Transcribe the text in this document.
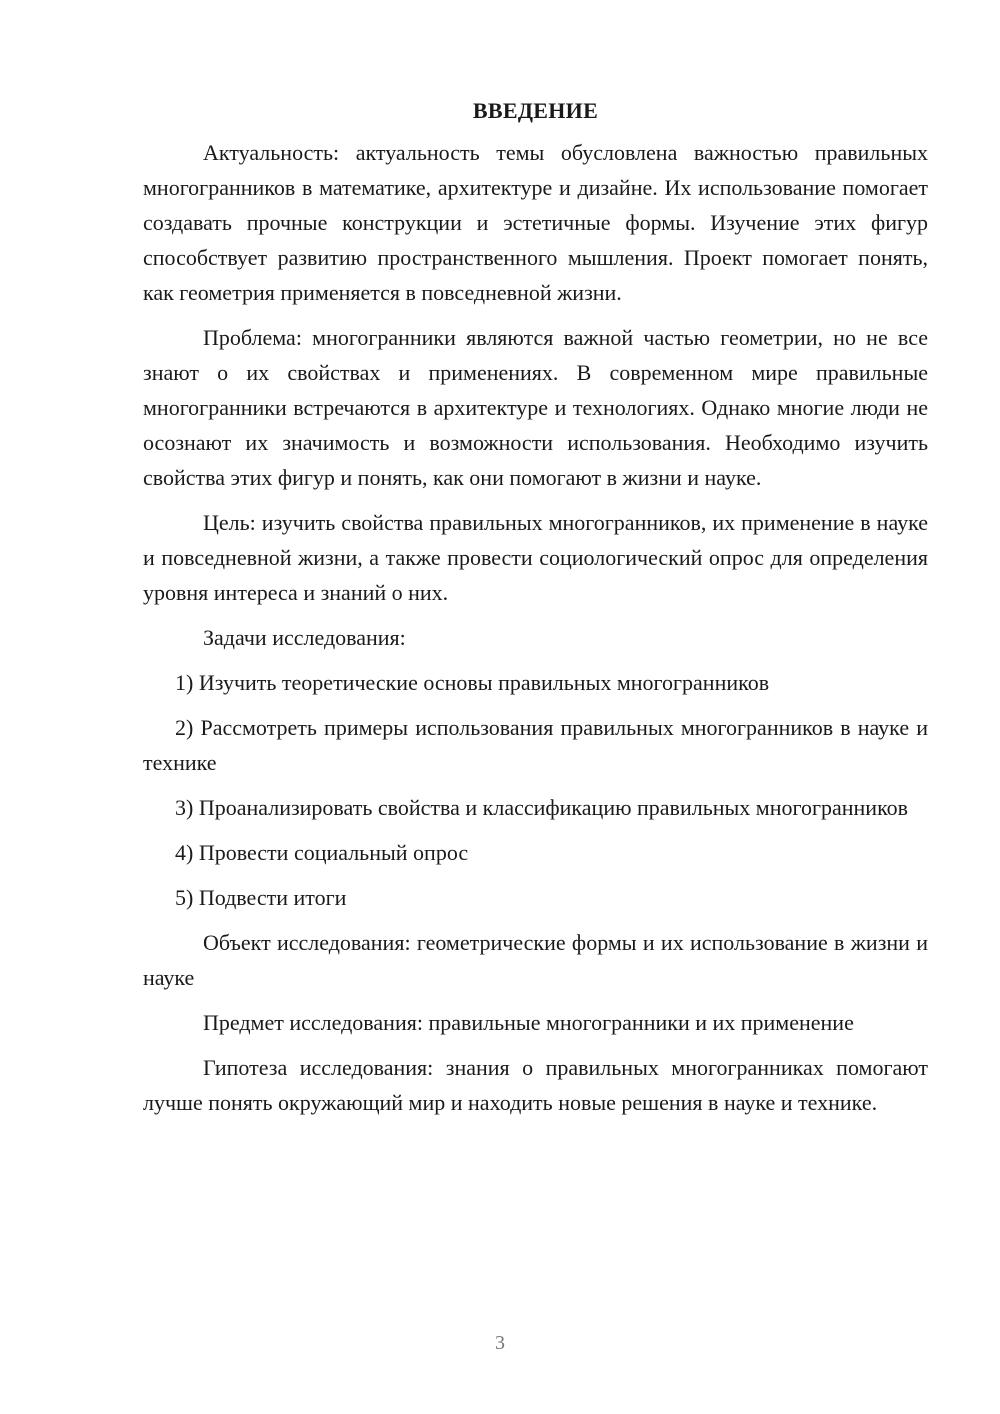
ВВЕДЕНИЕ

Актуальность: актуальность темы обусловлена важностью правильных многогранников в математике, архитектуре и дизайне. Их использование помогает создавать прочные конструкции и эстетичные формы. Изучение этих фигур способствует развитию пространственного мышления. Проект помогает понять, как геометрия применяется в повседневной жизни.

Проблема: многогранники являются важной частью геометрии, но не все знают о их свойствах и применениях. В современном мире правильные многогранники встречаются в архитектуре и технологиях. Однако многие люди не осознают их значимость и возможности использования. Необходимо изучить свойства этих фигур и понять, как они помогают в жизни и науке.

Цель: изучить свойства правильных многогранников, их применение в науке и повседневной жизни, а также провести социологический опрос для определения уровня интереса и знаний о них.

Задачи исследования:

1) Изучить теоретические основы правильных многогранников

2) Рассмотреть примеры использования правильных многогранников в науке и технике

3) Проанализировать свойства и классификацию правильных многогранников

4) Провести социальный опрос

5) Подвести итоги

Объект исследования: геометрические формы и их использование в жизни и науке

Предмет исследования: правильные многогранники и их применение

Гипотеза исследования: знания о правильных многогранниках помогают лучше понять окружающий мир и находить новые решения в науке и технике.

3
